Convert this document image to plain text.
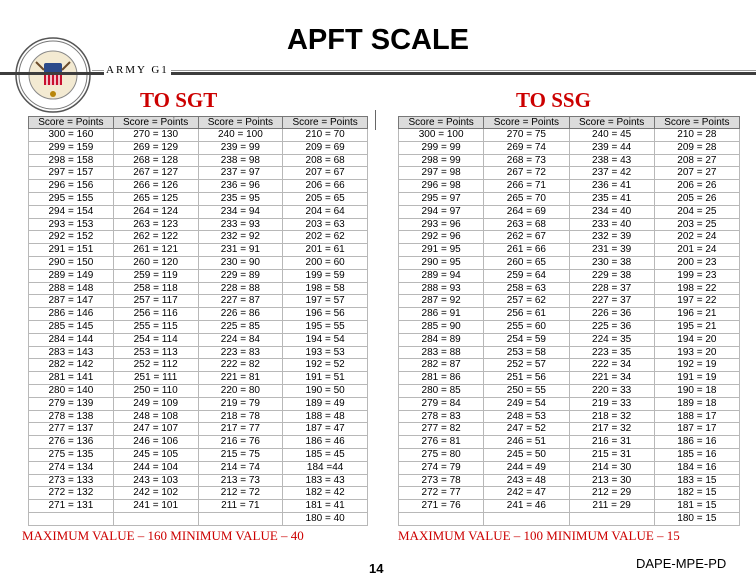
APFT SCALE
ARMY G1
TO SGT	TO SSG
Score = Points	Score = Points	Score = Points	Score = Points
300 = 160	270 = 130	240 = 100	210 = 70
299 = 159	269 = 129	239 = 99	209 = 69
298 = 158	268 = 128	238 = 98	208 = 68
297 = 157	267 = 127	237 = 97	207 = 67
296 = 156	266 = 126	236 = 96	206 = 66
295 = 155	265 = 125	235 = 95	205 = 65
294 = 154	264 = 124	234 = 94	204 = 64
293 = 153	263 = 123	233 = 93	203 = 63
292 = 152	262 = 122	232 = 92	202 = 62
291 = 151	261 = 121	231 = 91	201 = 61
290 = 150	260 = 120	230 = 90	200 = 60
289 = 149	259 = 119	229 = 89	199 = 59
288 = 148	258 = 118	228 = 88	198 = 58
287 = 147	257 = 117	227 = 87	197 = 57
286 = 146	256 = 116	226 = 86	196 = 56
285 = 145	255 = 115	225 = 85	195 = 55
284 = 144	254 = 114	224 = 84	194 = 54
283 = 143	253 = 113	223 = 83	193 = 53
282 = 142	252 = 112	222 = 82	192 = 52
281 = 141	251 = 111	221 = 81	191 = 51
280 = 140	250 = 110	220 = 80	190 = 50
279 = 139	249 = 109	219 = 79	189 = 49
278 = 138	248 = 108	218 = 78	188 = 48
277 = 137	247 = 107	217 = 77	187 = 47
276 = 136	246 = 106	216 = 76	186 = 46
275 = 135	245 = 105	215 = 75	185 = 45
274 = 134	244 = 104	214 = 74	184 =44
273 = 133	243 = 103	213 = 73	183 = 43
272 = 132	242 = 102	212 = 72	182 = 42
271 = 131	241 = 101	211 = 71	181 = 41
			180 = 40
Score = Points	Score = Points	Score = Points	Score = Points
300 = 100	270 = 75	240 = 45	210 = 28
299 = 99	269 = 74	239 = 44	209 = 28
298 = 99	268 = 73	238 = 43	208 = 27
297 = 98	267 = 72	237 = 42	207 = 27
296 = 98	266 = 71	236 = 41	206 = 26
295 = 97	265 = 70	235 = 41	205 = 26
294 = 97	264 = 69	234 = 40	204 = 25
293 = 96	263 = 68	233 = 40	203 = 25
292 = 96	262 = 67	232 = 39	202 = 24
291 = 95	261 = 66	231 = 39	201 = 24
290 = 95	260 = 65	230 = 38	200 = 23
289 = 94	259 = 64	229 = 38	199 = 23
288 = 93	258 = 63	228 = 37	198 = 22
287 = 92	257 = 62	227 = 37	197 = 22
286 = 91	256 = 61	226 = 36	196 = 21
285 = 90	255 = 60	225 = 36	195 = 21
284 = 89	254 = 59	224 = 35	194 = 20
283 = 88	253 = 58	223 = 35	193 = 20
282 = 87	252 = 57	222 = 34	192 = 19
281 = 86	251 = 56	221 = 34	191 = 19
280 = 85	250 = 55	220 = 33	190 = 18
279 = 84	249 = 54	219 = 33	189 = 18
278 = 83	248 = 53	218 = 32	188 = 17
277 = 82	247 = 52	217 = 32	187 = 17
276 = 81	246 = 51	216 = 31	186 = 16
275 = 80	245 = 50	215 = 31	185 = 16
274 = 79	244 = 49	214 = 30	184 = 16
273 = 78	243 = 48	213 = 30	183 = 15
272 = 77	242 = 47	212 = 29	182 = 15
271 = 76	241 = 46	211 = 29	181 = 15
			180 = 15
MAXIMUM VALUE – 160 MINIMUM VALUE – 40	MAXIMUM VALUE – 100 MINIMUM VALUE – 15
14	DAPE-MPE-PD
